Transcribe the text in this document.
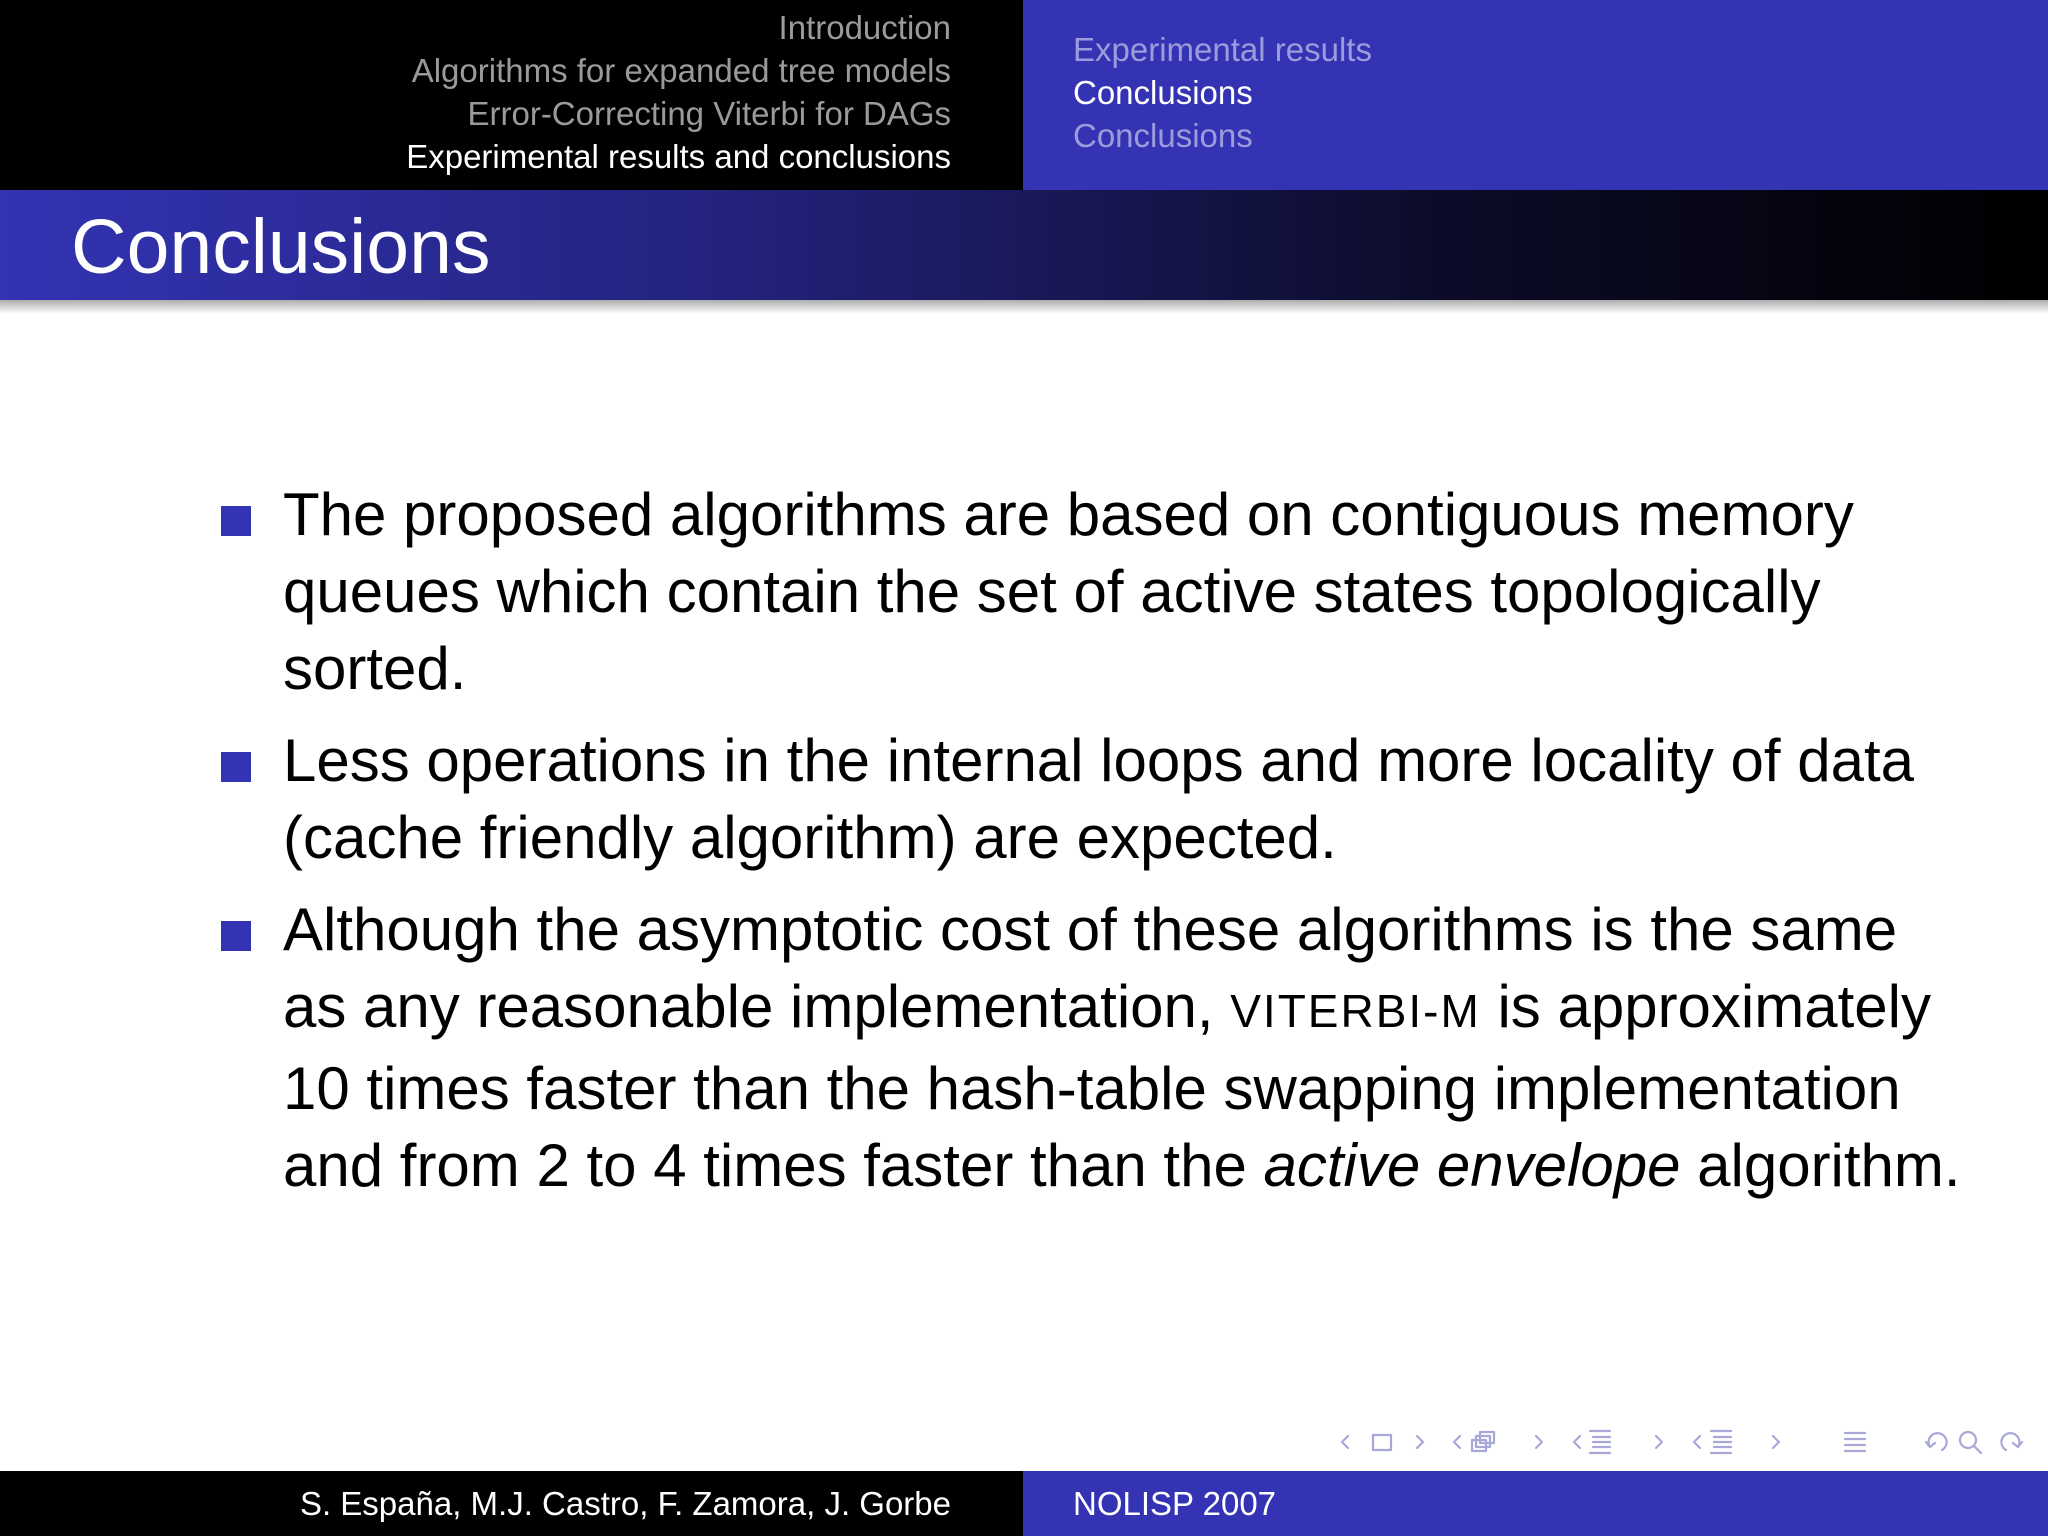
Introduction
Algorithms for expanded tree models
Error-Correcting Viterbi for DAGs
Experimental results and conclusions
Experimental results
Conclusions
Conclusions
Conclusions
The proposed algorithms are based on contiguous memory queues which contain the set of active states topologically sorted.
Less operations in the internal loops and more locality of data (cache friendly algorithm) are expected.
Although the asymptotic cost of these algorithms is the same as any reasonable implementation, VITERBI-M is approximately 10 times faster than the hash-table swapping implementation and from 2 to 4 times faster than the active envelope algorithm.
S. España, M.J. Castro, F. Zamora, J. Gorbe	NOLISP 2007
